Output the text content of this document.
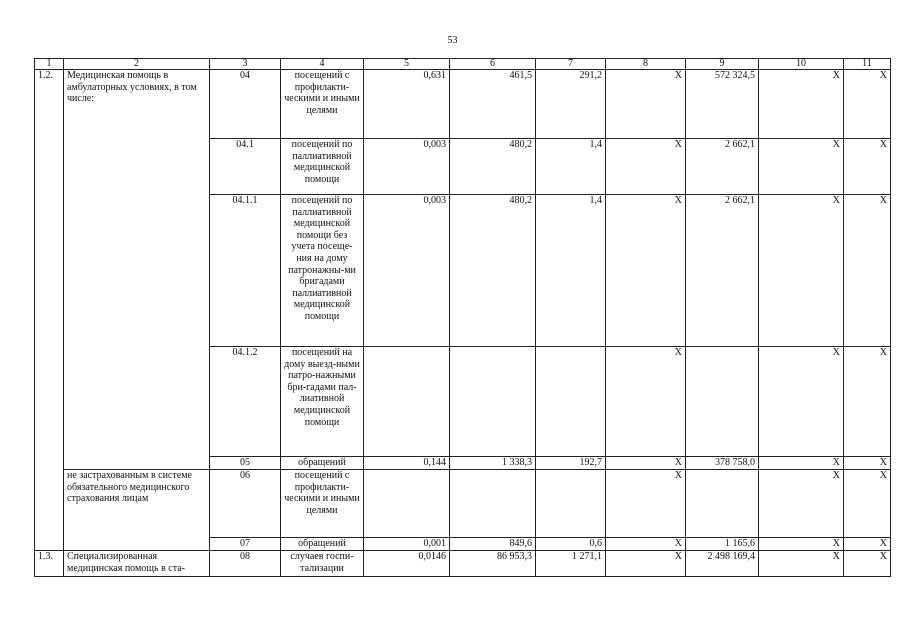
53
1	2	3	4	5	6	7	8	9	10	11
1.2.	Медицинская помощь в амбулаторных условиях, в том числе:	04	посещений с профилакти-ческими и иными целями	0,631	461,5	291,2	Х	572 324,5	Х	Х
		04.1	посещений по паллиативной медицинской помощи	0,003	480,2	1,4	Х	2 662,1	Х	Х
		04.1.1	посещений по паллиативной медицинской помощи без учета посеще-ния на дому патронажны-ми бригадами паллиативной медицинской помощи	0,003	480,2	1,4	Х	2 662,1	Х	Х
		04.1.2	посещений на дому выезд-ными патро-нажными бри-гадами пал-лиативной медицинской помощи				Х		Х	Х
		05	обращений	0,144	1 338,3	192,7	Х	378 758,0	Х	Х
	не застрахованным в системе обязательного медицинского страхования лицам	06	посещений с профилакти-ческими и иными целями				Х		Х	Х
		07	обращений	0,001	849,6	0,6	Х	1 165,6	Х	Х
1.3.	Специализированная медицинская помощь в ста-	08	случаев госпи-тализации	0,0146	86 953,3	1 271,1	Х	2 498 169,4	Х	Х
